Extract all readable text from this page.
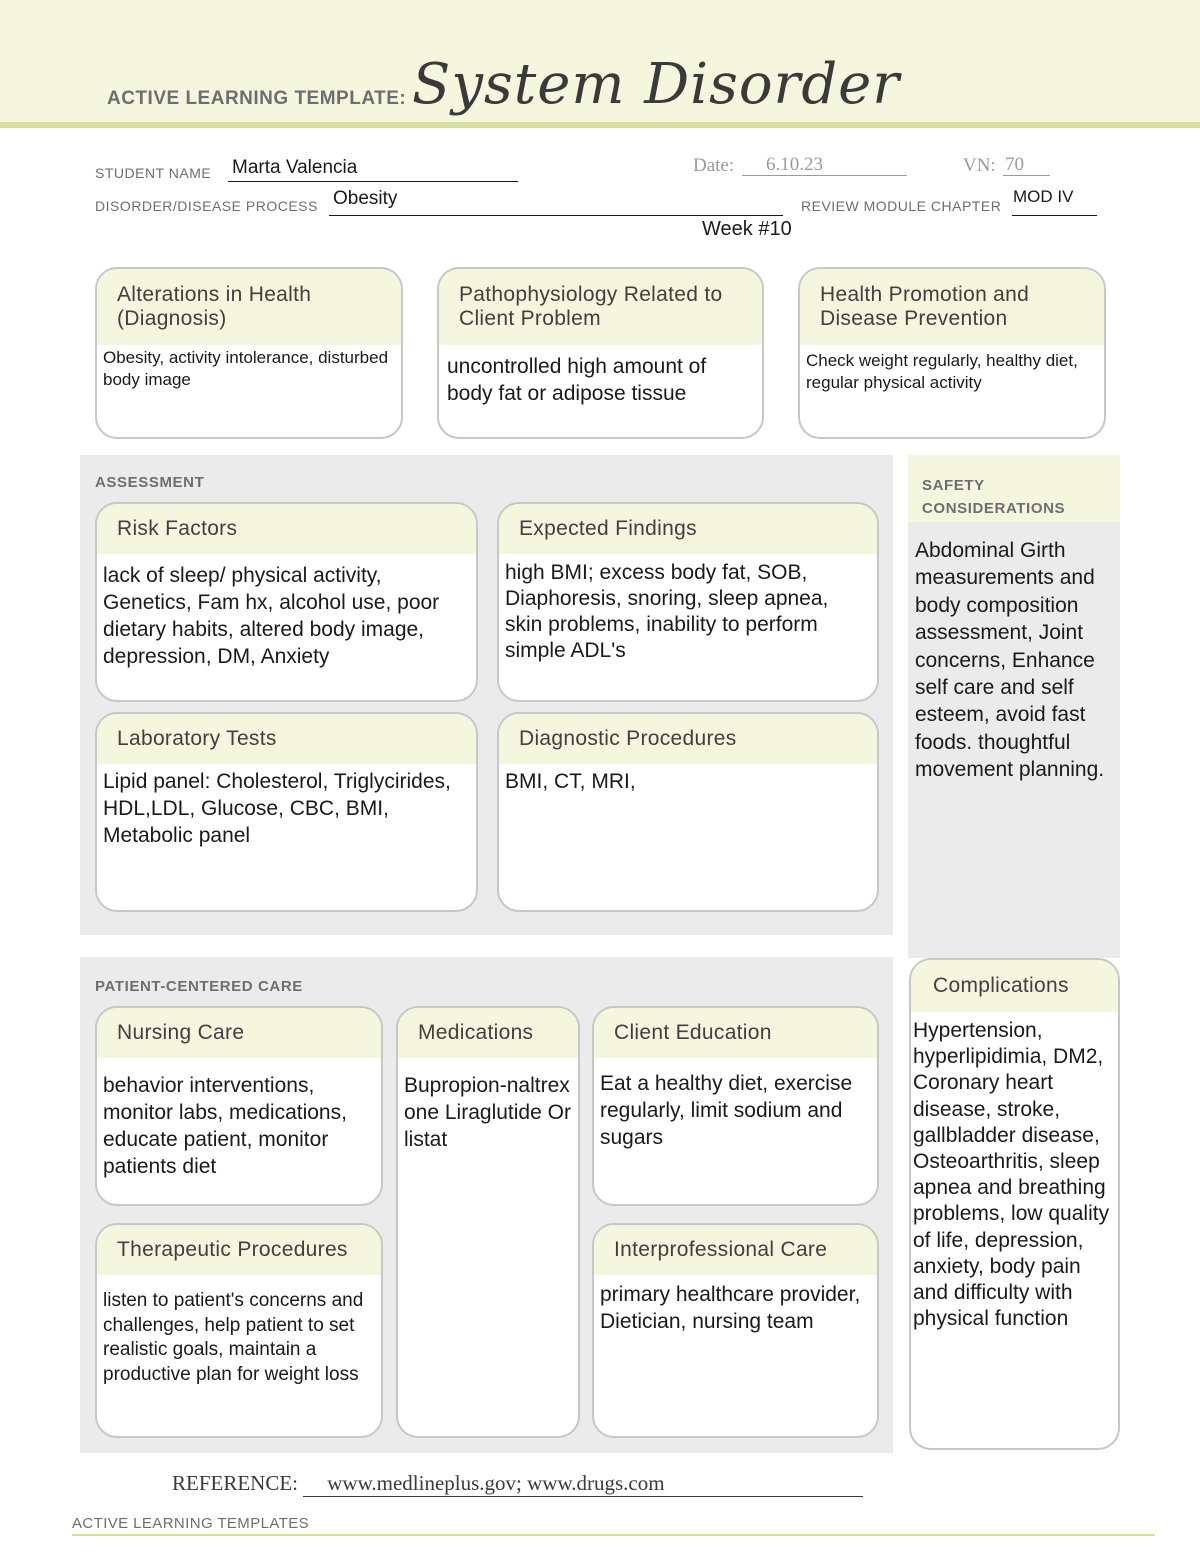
ACTIVE LEARNING TEMPLATE: System Disorder
STUDENT NAME Marta Valencia	Date: 6.10.23	VN: 70
DISORDER/DISEASE PROCESS Obesity	REVIEW MODULE CHAPTER MOD IV
Week #10
Alterations in Health (Diagnosis)
Obesity, activity intolerance, disturbed body image
Pathophysiology Related to Client Problem
uncontrolled high amount of body fat or adipose tissue
Health Promotion and Disease Prevention
Check weight regularly, healthy diet, regular physical activity
ASSESSMENT
Risk Factors
lack of sleep/ physical activity, Genetics, Fam hx, alcohol use, poor dietary habits, altered body image, depression, DM, Anxiety
Expected Findings
high BMI; excess body fat, SOB, Diaphoresis, snoring, sleep apnea, skin problems, inability to perform simple ADL's
Laboratory Tests
Lipid panel: Cholesterol, Triglycirides, HDL,LDL, Glucose, CBC, BMI, Metabolic panel
Diagnostic Procedures
BMI, CT, MRI,
SAFETY
CONSIDERATIONS
Abdominal Girth measurements and body composition assessment, Joint concerns, Enhance self care and self esteem, avoid fast foods. thoughtful movement planning.
PATIENT-CENTERED CARE
Nursing Care
behavior interventions, monitor labs, medications, educate patient, monitor patients diet
Medications
Bupropion-naltrexone Liraglutide Orlistat
Client Education
Eat a healthy diet, exercise regularly, limit sodium and sugars
Therapeutic Procedures
listen to patient's concerns and challenges, help patient to set realistic goals, maintain a productive plan for weight loss
Interprofessional Care
primary healthcare provider, Dietician, nursing team
Complications
Hypertension, hyperlipidimia, DM2, Coronary heart disease, stroke, gallbladder disease, Osteoarthritis, sleep apnea and breathing problems, low quality of life, depression, anxiety, body pain and difficulty with physical function
REFERENCE: www.medlineplus.gov; www.drugs.com
ACTIVE LEARNING TEMPLATES
